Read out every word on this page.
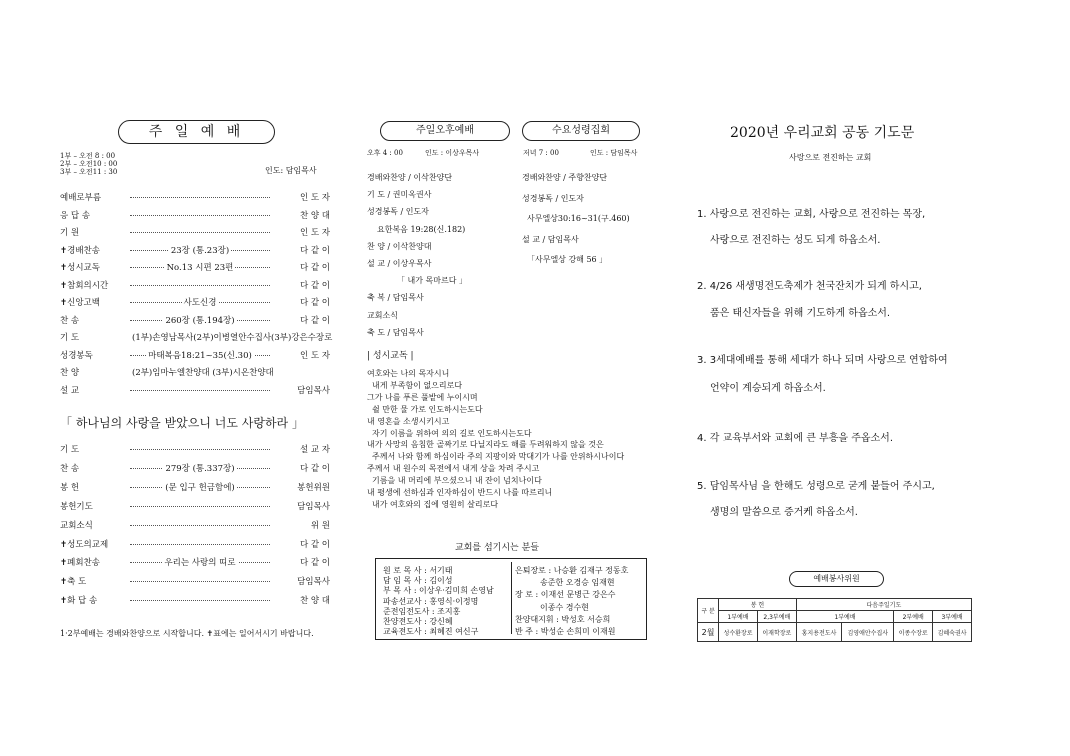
주 일 예 배
1부 – 오전 8 : 00
2부 – 오전10 : 00
3부 – 오전11 : 30	인도: 담임목사
예배로부름	인 도 자
응 답 송	찬 양 대
기 원	인 도 자
✝경배찬송	23장 (통.23장)	다 같 이
✝성시교독	No.13 시편 23편	다 같 이
✝참회의시간	다 같 이
✝신앙고백	사도신경	다 같 이
찬 송	260장 (통.194장)	다 같 이
기 도	(1부)손영남목사(2부)이병열안수집사(3부)강은수장로
성경봉독	마태복음18:21~35(신.30)	인 도 자
찬 양	(2부)임마누엘찬양대 (3부)시온찬양대
설 교	담임목사
「 하나님의 사랑을 받았으니 너도 사랑하라 」
기 도	설 교 자
찬 송	279장 (통.337장)	다 같 이
봉 헌	(문 입구 헌금함에)	봉헌위원
봉헌기도	담임목사
교회소식	위 원
✝성도의교제	다 같 이
✝폐회찬송	우리는 사랑의 띠로	다 같 이
✝축 도	담임목사
✝화 답 송	찬 양 대
1·2부예배는 경배와찬양으로 시작합니다. ✝표에는 일어서시기 바랍니다.
주일오후예배
오후 4 : 00	인도 : 이상우목사
경배와찬양 / 이삭찬양단
기 도 / 권미옥권사
성경봉독 / 인도자
요한복음 19:28(신.182)
찬 양 / 이삭찬양대
설 교 / 이상우목사
「 내가 목마르다 」
축 복 / 담임목사
교회소식
축 도 / 담임목사
수요성령집회
저녁 7 : 00	인도 : 담임목사
경배와찬양 / 주향찬양단
성경봉독 / 인도자
사무엘상30:16~31(구.460)
설 교 / 담임목사
「사무엘상 강해 56 」
| 성시교독 |
여호와는 나의 목자시니
내게 부족함이 없으리로다
그가 나를 푸른 풀밭에 누이시며
쉴 만한 물 가로 인도하시는도다
내 영혼을 소생시키시고
자기 이름을 위하여 의의 길로 인도하시는도다
내가 사망의 음침한 골짜기로 다닐지라도 해를 두려워하지 않을 것은
주께서 나와 함께 하심이라 주의 지팡이와 막대기가 나를 안위하시나이다
주께서 내 원수의 목전에서 내게 상을 차려 주시고
기름을 내 머리에 부으셨으니 내 잔이 넘치나이다
내 평생에 선하심과 인자하심이 반드시 나를 따르리니
내가 여호와의 집에 영원히 살리로다
교회를 섬기시는 분들
원 로 목 사 : 서기태
담 임 목 사 : 김이성
부 목 사 : 이상우·김미희 손영남
파송선교사 : 홍영식·이정명
준전임전도사 : 조지홍
찬양전도사 : 강신혜
교육전도사 : 최혜진 여신구
은퇴장로 : 나승환 김재구 정동호
송준한 오경승 임재현
장 로 : 이재선 문병근 강은수
이종수 경수현
찬양대지휘 : 박성호 서승희
반 주 : 박성순 손희미 이재원
2020년 우리교회 공동 기도문
사랑으로 전진하는 교회
1. 사랑으로 전진하는 교회, 사랑으로 전진하는 목장,
사랑으로 전진하는 성도 되게 하옵소서.
2. 4/26 새생명전도축제가 천국잔치가 되게 하시고,
품은 태신자들을 위해 기도하게 하옵소서.
3. 3세대예배를 통해 세대가 하나 되며 사랑으로 연합하여
언약이 계승되게 하옵소서.
4. 각 교육부서와 교회에 큰 부흥을 주옵소서.
5. 담임목사님 을 한해도 성령으로 굳게 붙들어 주시고,
생명의 말씀으로 증거케 하옵소서.
예배봉사위원
구 분	봉 헌		다음주일기도			
	1부예배	2,3부예배	1부예배		2부예배	3부예배
2월	성수환장로	이재학장로	홍지용전도사	김영애안수집사	이종수장로	김혜숙권사
